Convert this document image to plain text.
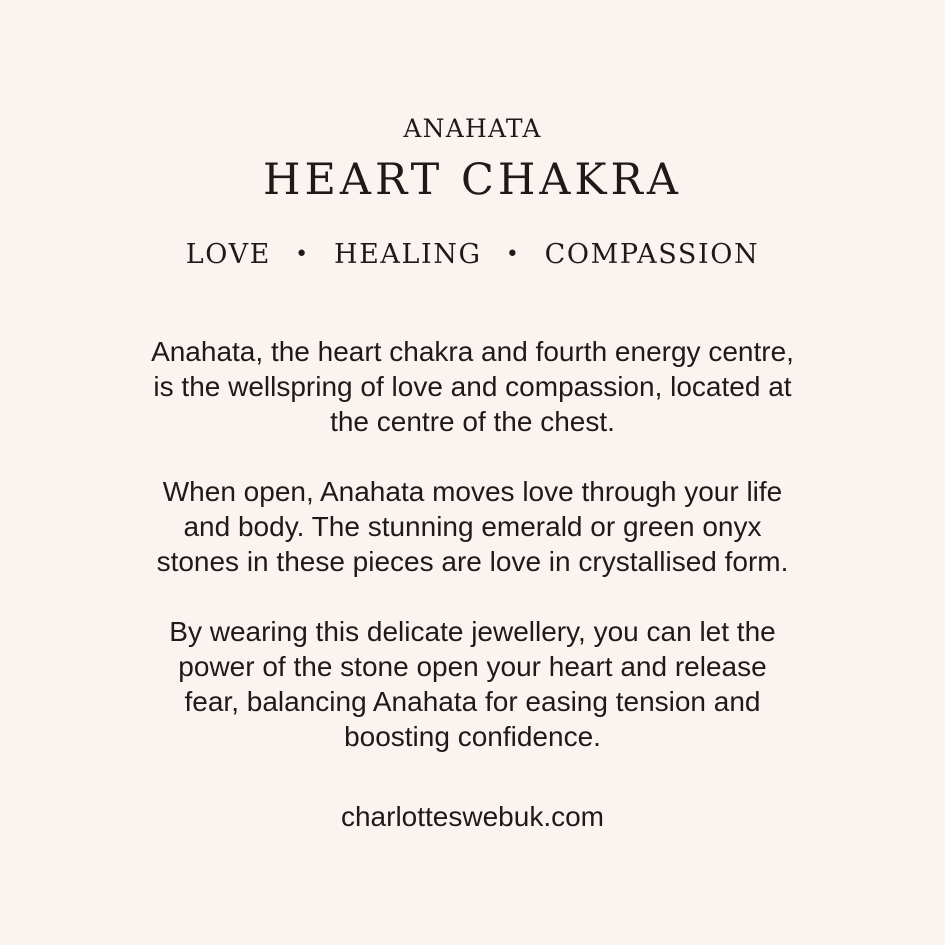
ANAHATA
HEART CHAKRA
LOVE • HEALING • COMPASSION
Anahata, the heart chakra and fourth energy centre,
is the wellspring of love and compassion, located at
the centre of the chest.
When open, Anahata moves love through your life
and body. The stunning emerald or green onyx
stones in these pieces are love in crystallised form.
By wearing this delicate jewellery, you can let the
power of the stone open your heart and release
fear, balancing Anahata for easing tension and
boosting confidence.
charlotteswebuk.com
